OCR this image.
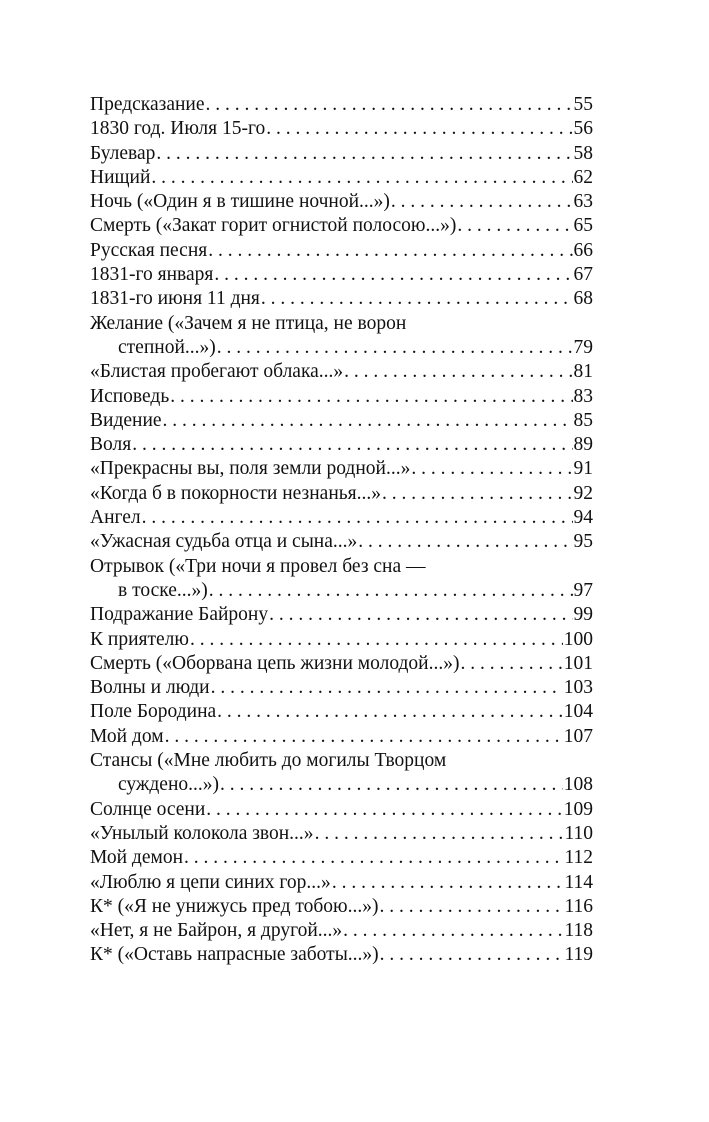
Предсказание . . .	55
1830 год. Июля 15-го . . .	56
Булевар . . .	58
Нищий . . .	62
Ночь («Один я в тишине ночной...») . . .	63
Смерть («Закат горит огнистой полосою...») . . .	65
Русская песня . . .	66
1831-го января . . .	67
1831-го июня 11 дня . . .	68
Желание («Зачем я не птица, не ворон
степной...») . . .	79
«Блистая пробегают облака...» . . .	81
Исповедь . . .	83
Видение . . .	85
Воля . . .	89
«Прекрасны вы, поля земли родной...» . . .	91
«Когда б в покорности незнанья...» . . .	92
Ангел . . .	94
«Ужасная судьба отца и сына...» . . .	95
Отрывок («Три ночи я провел без сна —
в тоске...») . . .	97
Подражание Байрону . . .	99
К приятелю . . .	100
Смерть («Оборвана цепь жизни молодой...») . . .	101
Волны и люди . . .	103
Поле Бородина . . .	104
Мой дом . . .	107
Стансы («Мне любить до могилы Творцом
суждено...») . . .	108
Солнце осени . . .	109
«Унылый колокола звон...» . . .	110
Мой демон . . .	112
«Люблю я цепи синих гор...» . . .	114
К* («Я не унижусь пред тобою...») . . .	116
«Нет, я не Байрон, я другой...» . . .	118
К* («Оставь напрасные заботы...») . . .	119
